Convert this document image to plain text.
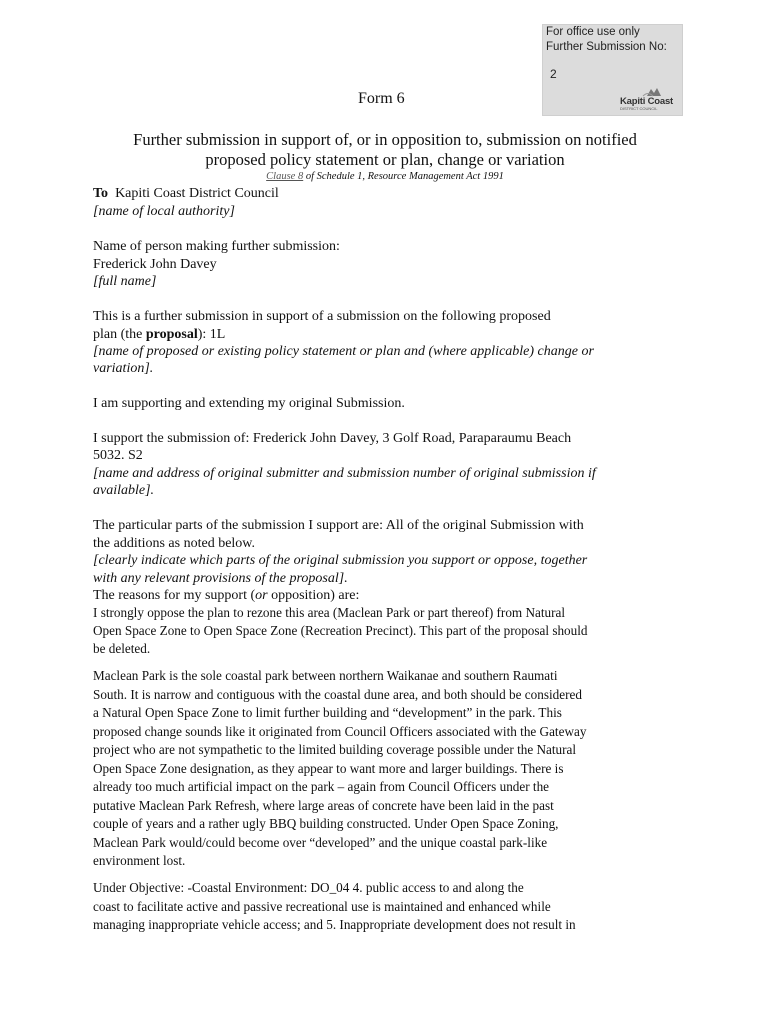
For office use only
Further Submission No:
2
Kapiti Coast
DISTRICT COUNCIL
Form 6
Further submission in support of, or in opposition to, submission on notified
proposed policy statement or plan, change or variation
Clause 8 of Schedule 1, Resource Management Act 1991
To Kapiti Coast District Council
[name of local authority]
Name of person making further submission:
Frederick John Davey
[full name]
This is a further submission in support of a submission on the following proposed
plan (the proposal): 1L
[name of proposed or existing policy statement or plan and (where applicable) change or
variation].
I am supporting and extending my original Submission.
I support the submission of: Frederick John Davey, 3 Golf Road, Paraparaumu Beach
5032. S2
[name and address of original submitter and submission number of original submission if
available].
The particular parts of the submission I support are: All of the original Submission with
the additions as noted below.
[clearly indicate which parts of the original submission you support or oppose, together
with any relevant provisions of the proposal].
The reasons for my support (or opposition) are:
I strongly oppose the plan to rezone this area (Maclean Park or part thereof) from Natural
Open Space Zone to Open Space Zone (Recreation Precinct). This part of the proposal should
be deleted.
Maclean Park is the sole coastal park between northern Waikanae and southern Raumati
South. It is narrow and contiguous with the coastal dune area, and both should be considered
a Natural Open Space Zone to limit further building and “development” in the park. This
proposed change sounds like it originated from Council Officers associated with the Gateway
project who are not sympathetic to the limited building coverage possible under the Natural
Open Space Zone designation, as they appear to want more and larger buildings. There is
already too much artificial impact on the park – again from Council Officers under the
putative Maclean Park Refresh, where large areas of concrete have been laid in the past
couple of years and a rather ugly BBQ building constructed. Under Open Space Zoning,
Maclean Park would/could become over “developed” and the unique coastal park-like
environment lost.
Under Objective: -Coastal Environment: DO_04 4. public access to and along the
coast to facilitate active and passive recreational use is maintained and enhanced while
managing inappropriate vehicle access; and 5. Inappropriate development does not result in
